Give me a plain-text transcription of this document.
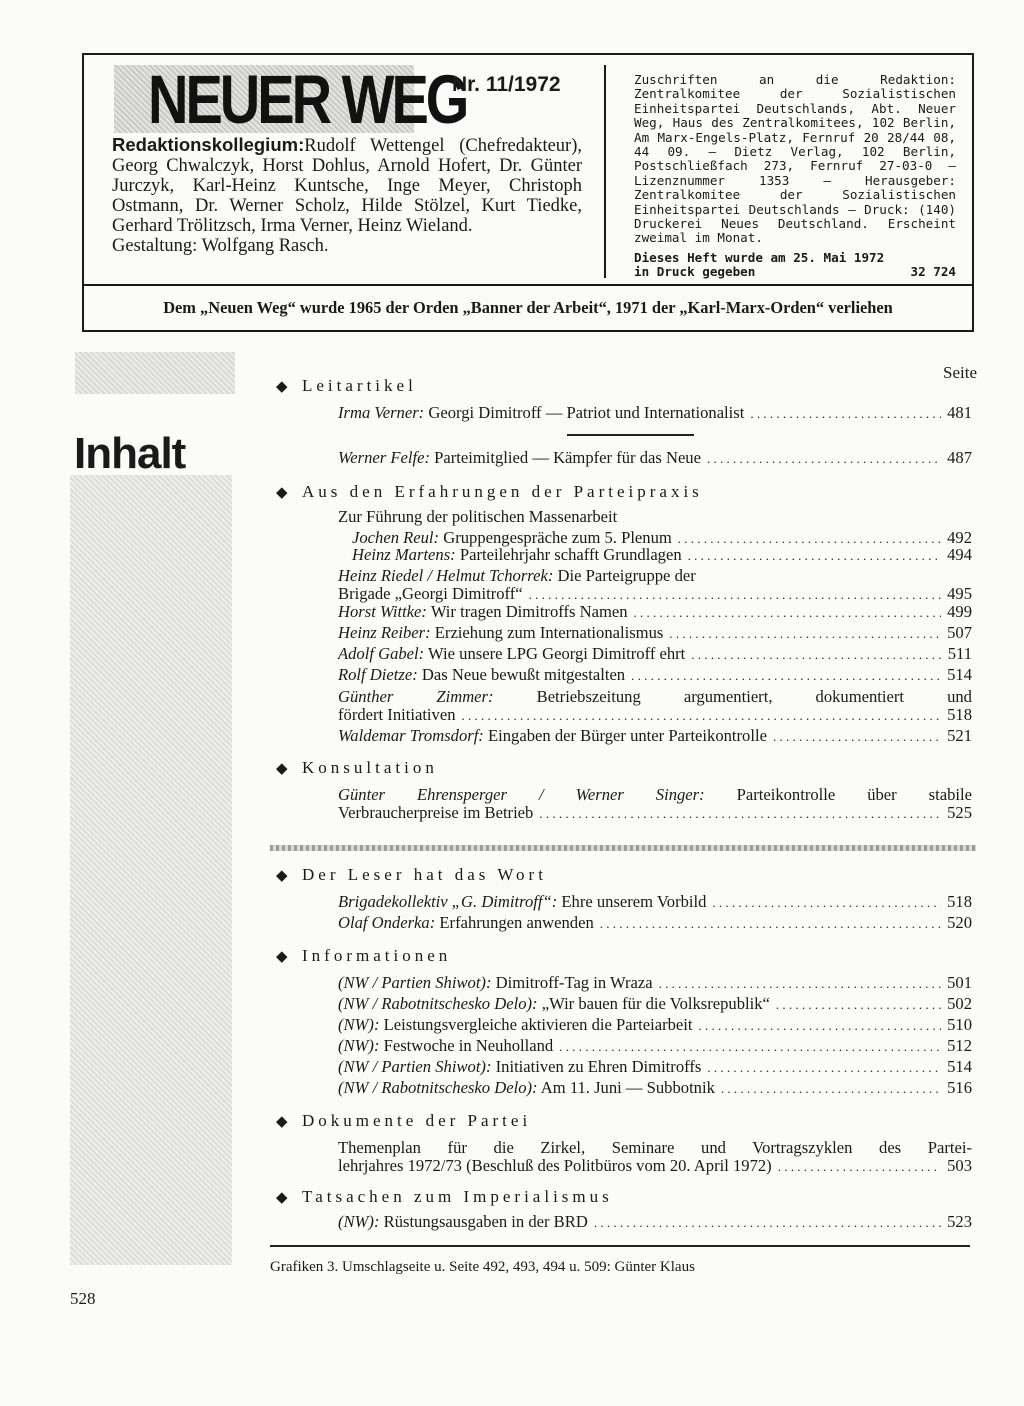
NEUER WEG
Nr. 11/1972
Redaktionskollegium:Rudolf Wettengel (Chefredakteur), Georg Chwalczyk, Horst Dohlus, Arnold Hofert, Dr. Günter Jurczyk, Karl-Heinz Kuntsche, Inge Meyer, Christoph Ostmann, Dr. Werner Scholz, Hilde Stölzel, Kurt Tiedke, Gerhard Trölitzsch, Irma Verner, Heinz Wieland.
Gestaltung: Wolfgang Rasch.
Zuschriften an die Redaktion: Zentralkomitee der Sozialistischen Einheitspartei Deutschlands, Abt. Neuer Weg, Haus des Zentralkomitees, 102 Berlin, Am Marx-Engels-Platz, Fernruf 20 28/44 08, 44 09. — Dietz Verlag, 102 Berlin, Postschließfach 273, Fernruf 27-03-0 — Lizenznummer 1353 — Herausgeber: Zentralkomitee der Sozialistischen Einheitspartei Deutschlands — Druck: (140) Druckerei Neues Deutschland. Erscheint zweimal im Monat.
Dieses Heft wurde am 25. Mai 1972
in Druck gegeben	32 724
Dem „Neuen Weg“ wurde 1965 der Orden „Banner der Arbeit“, 1971 der „Karl-Marx-Orden“ verliehen
Inhalt
528
Seite
◆ Leitartikel
Irma Verner: Georgi Dimitroff — Patriot und Internationalist . . .	481
Werner Felfe: Parteimitglied — Kämpfer für das Neue . . .	487
◆ Aus den Erfahrungen der Parteipraxis
Zur Führung der politischen Massenarbeit
Jochen Reul: Gruppengespräche zum 5. Plenum . . .	492
Heinz Martens: Parteilehrjahr schafft Grundlagen . . .	494
Heinz Riedel / Helmut Tchorrek: Die Parteigruppe der
Brigade „Georgi Dimitroff“ . . .	495
Horst Wittke: Wir tragen Dimitroffs Namen . . .	499
Heinz Reiber: Erziehung zum Internationalismus . . .	507
Adolf Gabel: Wie unsere LPG Georgi Dimitroff ehrt . . .	511
Rolf Dietze: Das Neue bewußt mitgestalten . . .	514
Günther Zimmer:	Betriebszeitung argumentiert, dokumentiert und
fördert Initiativen . . .	518
Waldemar Tromsdorf: Eingaben der Bürger unter Parteikontrolle . . .	521
◆ Konsultation
Günter Ehrensperger / Werner Singer: Parteikontrolle über stabile
Verbraucherpreise im Betrieb . . .	525
◆ Der Leser hat das Wort
Brigadekollektiv „G. Dimitroff“: Ehre unserem Vorbild . . .	518
Olaf Onderka: Erfahrungen anwenden . . .	520
◆ Informationen
(NW / Partien Shiwot): Dimitroff-Tag in Wraza . . .	501
(NW / Rabotnitschesko Delo): „Wir bauen für die Volksrepublik“ . . .	502
(NW): Leistungsvergleiche aktivieren die Parteiarbeit . . .	510
(NW): Festwoche in Neuholland . . .	512
(NW / Partien Shiwot): Initiativen zu Ehren Dimitroffs . . .	514
(NW / Rabotnitschesko Delo): Am 11. Juni — Subbotnik . . .	516
◆ Dokumente der Partei
Themenplan für die Zirkel, Seminare und Vortragszyklen des Partei-
lehrjahres 1972/73 (Beschluß des Politbüros vom 20. April 1972) . . .	503
◆ Tatsachen zum Imperialismus
(NW): Rüstungsausgaben in der BRD . . .	523
Grafiken 3. Umschlagseite u. Seite 492, 493, 494 u. 509: Günter Klaus
